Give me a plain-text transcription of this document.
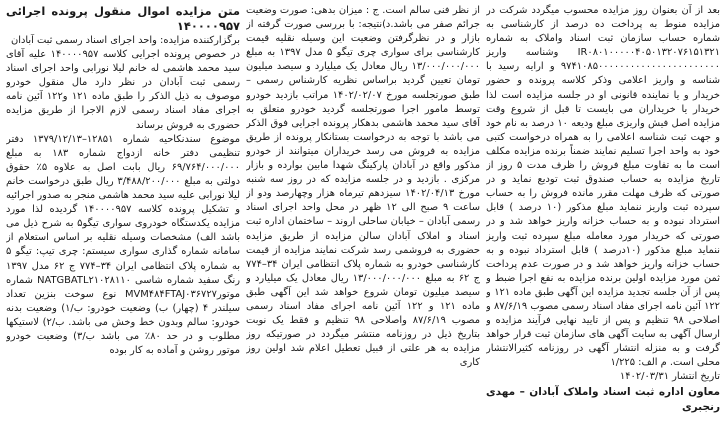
متن مزایده اموال منقول پرونده اجرائی ۱۴۰۰۰۰۹۵۷

برگزارکننده مزایده: واحد اجرای اسناد رسمی ثبت آبادان

در خصوص پرونده اجرایی کلاسه ۱۴۰۰۰۰۹۵۷ علیه آقای سید محمد هاشمی له خانم لیلا نورابی واحد اجرای اسناد رسمی ثبت آبادان در نظر دارد مال منقول خودرو موصوف به ذیل الذکر را طبق ماده ۱۲۱ و۱۲۲ آئین نامه اجرای مفاد اسناد رسمی لازم الاجرا از طریق مزایده حضوری به فروش برساند

موضوع سندنکاحیه شماره ۱۲۸۵۱–۱۳۷۹/۱۲/۱۳ دفتر تنظیمی دفتر خانه ازدواج شماره ۱۸۳ به مبلغ ۶۹/۷۶۴/۰۰۰/۰۰۰ ریال بابت اصل به علاوه ۵٪ حقوق دولتی به مبلغ ۳/۴۸۸/۲۰۰/۰۰۰ ریال طبق درخواست خانم لیلا نورابی علیه سید محمد هاشمی منجر به صدور اجرائیه و تشکیل پرونده کلاسه ۱۴۰۰۰۰۹۵۷ گردیده لذا مورد مزایده یکدستگاه خودروی سواری تیگو۵ به شرح ذیل می باشد الف) مشخصات وسیله نقلیه بر اساس استعلام از سامانه شماره گذاری سواری سیستم: چری تیپ: تیگو ۵ به شماره پلاک انتظامی ایران ۳۴–۷۷۴ ج ۶۲ مدل ۱۳۹۷ رنگ سفید شماره شاسی NATGBATL۲۱۰۲۸۱۱۰ شماره موتورMVM۴۸۴FTAJ۰۳۶۷۲۷ نوع سوخت بنزین تعداد سیلندر ۴ (چهار) ب) وضعیت خودرو: ب/۱) وضعیت بدنه خودرو: سالم وبدون خط وخش می باشد. ب/۲) لاستیکها مطلوب و در حد ۸۰٪ می باشد ب/۳) وضعیت خودرو موتور روشن و آماده به کار بوده

از نظر فنی سالم است. ج : میزان بدهی: صورت وضعیت جرائم صفر می باشد.د)نتیجه: با بررسی صورت گرفته از بازار و در نظرگرفتن وضعیت این وسیله نقلیه قیمت کارشناسی برای سواری چری تیگو ۵ مدل ۱۳۹۷ به مبلغ ۱۳/۰۰۰/۰۰۰/۰۰۰ ریال معادل یک میلیارد و سیصد میلیون تومان تعیین گردید براساس نظریه کارشناس رسمی – طبق صورتجلسه مورخ ۱۴۰۲/۰۲/۰۷ مراتب بازدید خودرو توسط مامور اجرا صورتجلسه گردید خودرو متعلق به آقای سید محمد هاشمی بدهکار پرونده اجرایی فوق الذکر می باشد با توجه به درخواست بستانکار پرونده از طریق مزایده به فروش می رسد خریداران میتوانند از خودرو مذکور واقع در آبادان پارکینگ شهدا مابین بوارده و بازار مرکزی . بازدید و در جلسه مزایده که در روز سه شنبه مورخ ۱۴۰۲/۰۴/۱۳ سیزدهم تیرماه هزار وچهارصد ودو از ساعت ۹ صبح الی ۱۲ ظهر در محل واحد اجرای اسناد رسمی آبادان – خیابان ساحلی اروند – ساختمان اداره ثبت اسناد و املاک آبادان سالن مزایده از طریق مزایده حضوری به فروشمی رسد شرکت نمایند مزایده از قیمت کارشناسی خودرو به شماره پلاک انتظامی ایران ۳۴–۷۷۴ ج ۶۲ به مبلغ ۱۳/۰۰۰/۰۰۰/۰۰۰ ریال معادل یک میلیارد و سیصد میلیون تومان شروع خواهد شد این آگهی طبق ماده ۱۲۱ و ۱۲۲ آئین نامه اجرای مفاد اسناد رسمی مصوب ۸۷/۶/۱۹ واصلاحی ۹۸ تنظیم و فقط یک نوبت بتاریخ ذیل در روزنامه منتشر میگردد در صورتیکه روز مزایده به هر علتی از قبیل تعطیل اعلام شد اولین روز کاری

بعد از آن بعنوان روز مزایده محسوب میگردد شرکت در مزایده منوط به پرداخت ده درصد از کارشناسی به شماره حساب سازمان ثبت اسناد واملاک به شماره IR۰۸۰۱۰۰۰۰۰۴۰۵۰۱۳۲۰۷۶۱۵۱۳۲۱ وشناسه واریز ۹۷۴۱۰۸۵۰۰۰۰۰۰۰۰۰۰۰۰۰۰۰۰۰۰۰۰۰۰۰ و ارایه رسید با شناسه و واریز اعلامی وذکر کلاسه پرونده و حضور خریدار و یا نماینده قانونی او در جلسه مزایده است لذا خریدار یا خریداران می بایست تا قبل از شروع وقت مزایده اصل فیش واریزی مبلغ ودیعه ۱۰ درصد به نام خود و جهت ثبت شناسه اعلامی را به همراه درخواست کتبی خود به واحد اجرا تسلیم نمایند ضمناً برنده مزایده مکلف است ما به تفاوت مبلغ فروش را ظرف مدت ۵ روز از تاریخ مزایده به حساب صندوق ثبت تودیع نماید و در صورتی که ظرف مهلت مقرر مانده فروش را به حساب سپرده ثبت واریز ننماید مبلغ مذکور (۱۰ درصد ) قابل استرداد نبوده و به حساب خزانه واریز خواهد شد و در صورتی که خریدار مورد معامله مبلغ سپرده ثبت واریز ننماید مبلغ مذکور (۱۰درصد ) قابل استرداد نبوده و به حساب خزانه واریز خواهد شد و در صورت عدم پرداخت ثمن مورد مزایده اولین برنده مزایده به نفع اجرا ضبط و پس از آن جلسه تجدید مزایده این آگهی طبق ماده ۱۲۱ و ۱۲۲ آئین نامه اجرای مفاد اسناد رسمی مصوب ۸۷/۶/۱۹ و اصلاحی ۹۸ تنظیم و پس از تایید نهایی فرآیند مزایده و ارسال آگهی به سایت آگهی های سازمان ثبت قرار خواهد گرفت و به منزله انتشار آگهی در روزنامه کثیرالانتشار محلی است. م الف: ۱/۲۲۵

تاریخ انتشار ۱۴۰۲/۰۳/۳۱

معاون اداره ثبت اسناد واملاک آبادان – مهدی رنجبری
